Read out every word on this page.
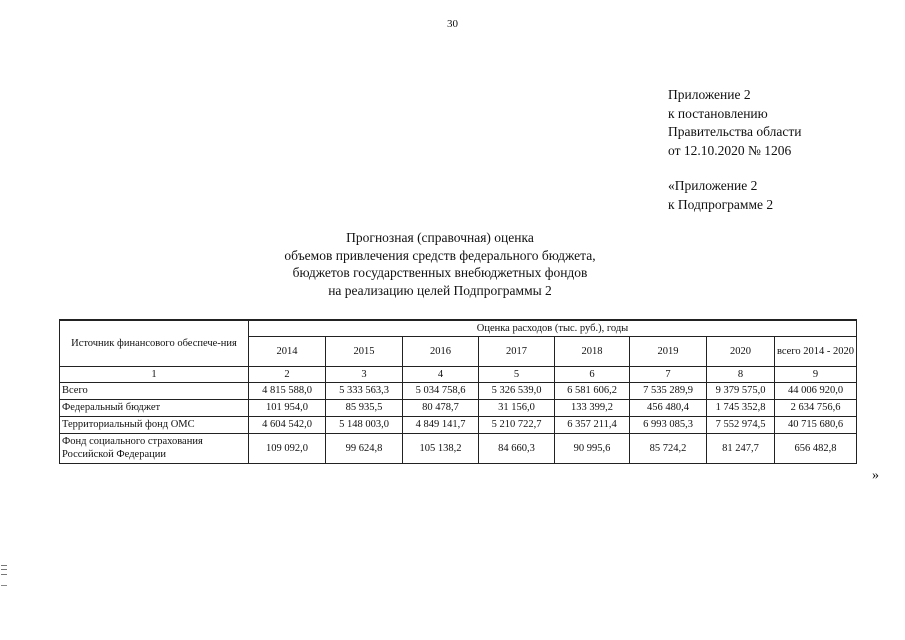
30
Приложение 2
к постановлению
Правительства области
от 12.10.2020 № 1206
«Приложение 2
к Подпрограмме 2
Прогнозная (справочная) оценка
объемов привлечения средств федерального бюджета,
бюджетов государственных внебюджетных фондов
на реализацию целей Подпрограммы 2
Источник финансового обеспече-ния	Оценка расходов (тыс. руб.), годы							
	2014	2015	2016	2017	2018	2019	2020	всего 2014 - 2020
1	2	3	4	5	6	7	8	9
Всего	4 815 588,0	5 333 563,3	5 034 758,6	5 326 539,0	6 581 606,2	7 535 289,9	9 379 575,0	44 006 920,0
Федеральный бюджет	101 954,0	85 935,5	80 478,7	31 156,0	133 399,2	456 480,4	1 745 352,8	2 634 756,6
Территориальный фонд ОМС	4 604 542,0	5 148 003,0	4 849 141,7	5 210 722,7	6 357 211,4	6 993 085,3	7 552 974,5	40 715 680,6
Фонд социального страхования Российской Федерации	109 092,0	99 624,8	105 138,2	84 660,3	90 995,6	85 724,2	81 247,7	656 482,8
»
